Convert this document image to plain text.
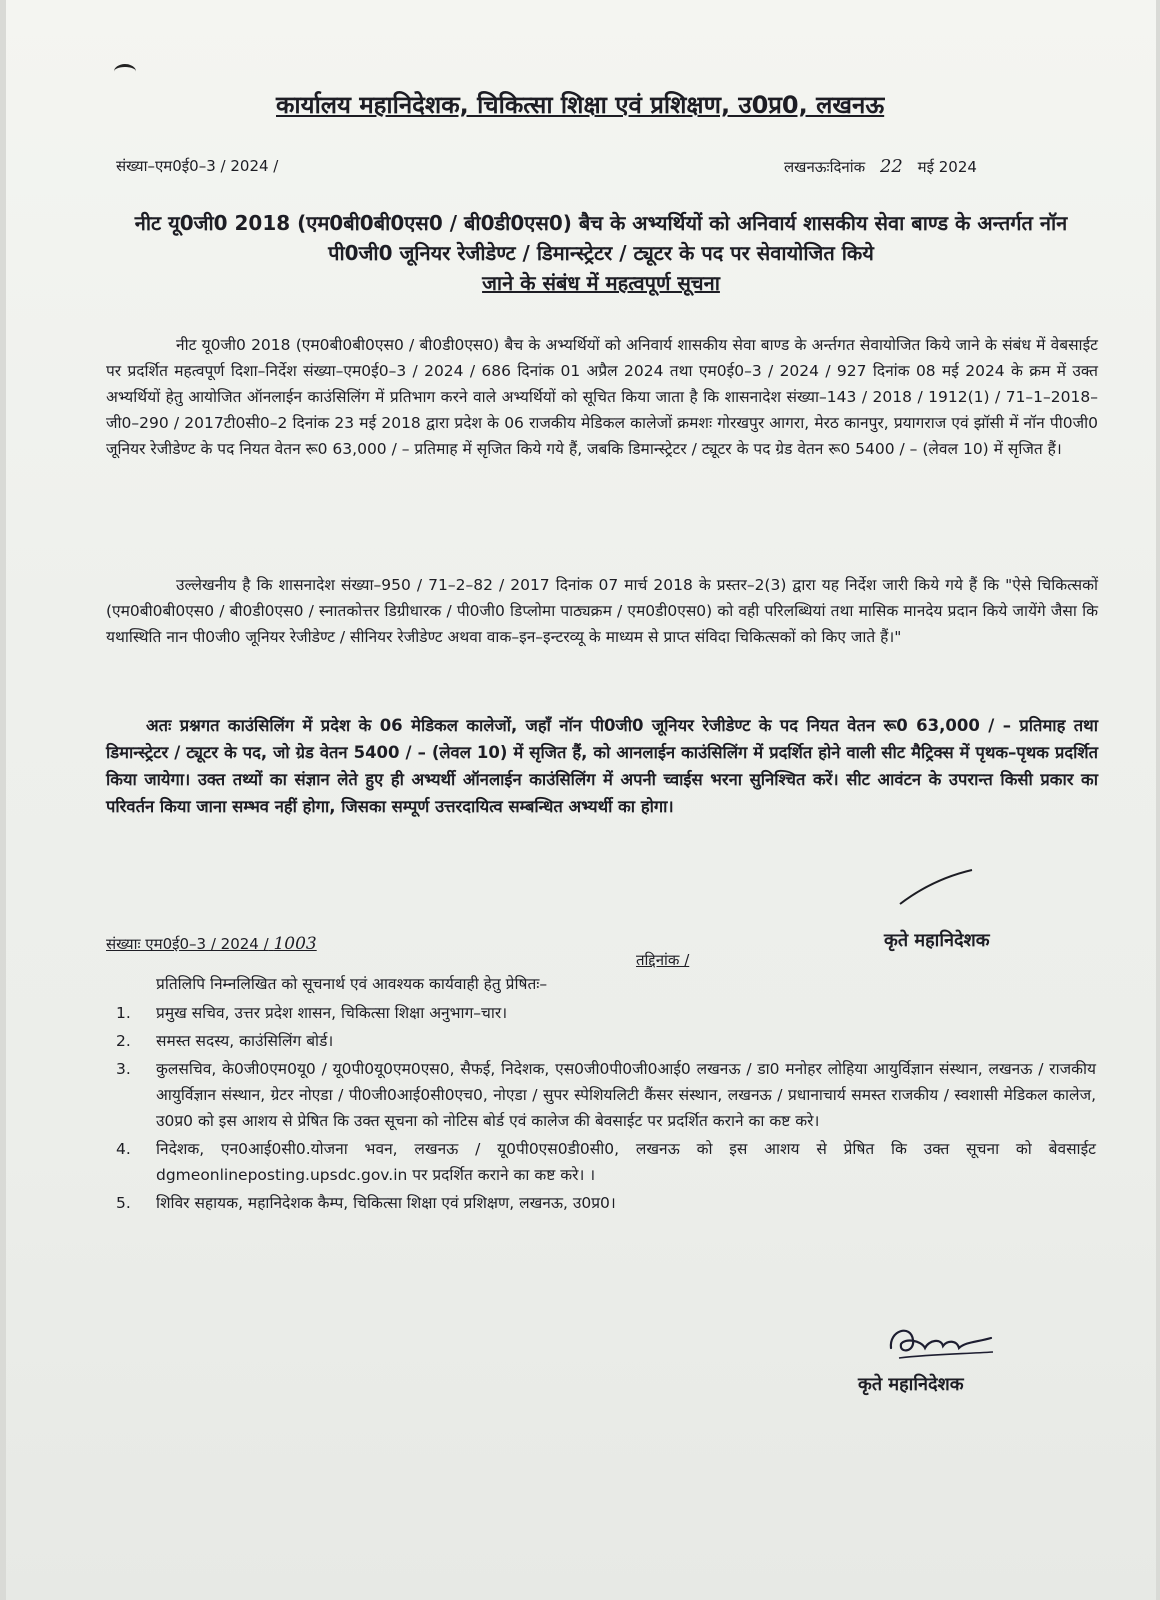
कार्यालय महानिदेशक, चिकित्सा शिक्षा एवं प्रशिक्षण, उ0प्र0, लखनऊ
संख्या–एम0ई0–3 / 2024 /	लखनऊःदिनांक 22 मई 2024
नीट यू0जी0 2018 (एम0बी0बी0एस0 / बी0डी0एस0) बैच के अभ्यर्थियों को अनिवार्य शासकीय सेवा बाण्ड के अन्तर्गत नॉन पी0जी0 जूनियर रेजीडेण्ट / डिमान्स्ट्रेटर / ट्यूटर के पद पर सेवायोजित किये
जाने के संबंध में महत्वपूर्ण सूचना
नीट यू0जी0 2018 (एम0बी0बी0एस0 / बी0डी0एस0) बैच के अभ्यर्थियों को अनिवार्य शासकीय सेवा बाण्ड के अर्न्तगत सेवायोजित किये जाने के संबंध में वेबसाईट पर प्रदर्शित महत्वपूर्ण दिशा–निर्देश संख्या–एम0ई0–3 / 2024 / 686 दिनांक 01 अप्रैल 2024 तथा एम0ई0–3 / 2024 / 927 दिनांक 08 मई 2024 के क्रम में उक्त अभ्यर्थियों हेतु आयोजित ऑनलाईन काउंसिलिंग में प्रतिभाग करने वाले अभ्यर्थियों को सूचित किया जाता है कि शासनादेश संख्या–143 / 2018 / 1912(1) / 71–1–2018–जी0–290 / 2017टी0सी0–2 दिनांक 23 मई 2018 द्वारा प्रदेश के 06 राजकीय मेडिकल कालेजों क्रमशः गोरखपुर आगरा, मेरठ कानपुर, प्रयागराज एवं झॉसी में नॉन पी0जी0 जूनियर रेजीडेण्ट के पद नियत वेतन रू0 63,000 / – प्रतिमाह में सृजित किये गये हैं, जबकि डिमान्स्ट्रेटर / ट्यूटर के पद ग्रेड वेतन रू0 5400 / – (लेवल 10) में सृजित हैं।
उल्लेखनीय है कि शासनादेश संख्या–950 / 71–2–82 / 2017 दिनांक 07 मार्च 2018 के प्रस्तर–2(3) द्वारा यह निर्देश जारी किये गये हैं कि "ऐसे चिकित्सकों (एम0बी0बी0एस0 / बी0डी0एस0 / स्नातकोत्तर डिग्रीधारक / पी0जी0 डिप्लोमा पाठ्यक्रम / एम0डी0एस0) को वही परिलब्धियां तथा मासिक मानदेय प्रदान किये जायेंगे जैसा कि यथास्थिति नान पी0जी0 जूनियर रेजीडेण्ट / सीनियर रेजीडेण्ट अथवा वाक–इन–इन्टरव्यू के माध्यम से प्राप्त संविदा चिकित्सकों को किए जाते हैं।"
अतः प्रश्नगत काउंसिलिंग में प्रदेश के 06 मेडिकल कालेजों, जहाँ नॉन पी0जी0 जूनियर रेजीडेण्ट के पद नियत वेतन रू0 63,000 / – प्रतिमाह तथा डिमान्स्ट्रेटर / ट्यूटर के पद, जो ग्रेड वेतन 5400 / – (लेवल 10) में सृजित हैं, को आनलाईन काउंसिलिंग में प्रदर्शित होने वाली सीट मैट्रिक्स में पृथक–पृथक प्रदर्शित किया जायेगा। उक्त तथ्यों का संज्ञान लेते हुए ही अभ्यर्थी ऑनलाईन काउंसिलिंग में अपनी च्वाईस भरना सुनिश्चित करें। सीट आवंटन के उपरान्त किसी प्रकार का परिवर्तन किया जाना सम्भव नहीं होगा, जिसका सम्पूर्ण उत्तरदायित्व सम्बन्धित अभ्यर्थी का होगा।
कृते महानिदेशक
संख्याः एम0ई0–3 / 2024 / 1003
तद्दिनांक /
प्रतिलिपि निम्नलिखित को सूचनार्थ एवं आवश्यक कार्यवाही हेतु प्रेषितः–
1.	प्रमुख सचिव, उत्तर प्रदेश शासन, चिकित्सा शिक्षा अनुभाग–चार।
2.	समस्त सदस्य, काउंसिलिंग बोर्ड।
3.	कुलसचिव, के0जी0एम0यू0 / यू0पी0यू0एम0एस0, सैफई, निदेशक, एस0जी0पी0जी0आई0 लखनऊ / डा0 मनोहर लोहिया आयुर्विज्ञान संस्थान, लखनऊ / राजकीय आयुर्विज्ञान संस्थान, ग्रेटर नोएडा / पी0जी0आई0सी0एच0, नोएडा / सुपर स्पेशियलिटी कैंसर संस्थान, लखनऊ / प्रधानाचार्य समस्त राजकीय / स्वशासी मेडिकल कालेज, उ0प्र0 को इस आशय से प्रेषित कि उक्त सूचना को नोटिस बोर्ड एवं कालेज की बेवसाईट पर प्रदर्शित कराने का कष्ट करे।
4.	निदेशक, एन0आई0सी0.योजना भवन, लखनऊ / यू0पी0एस0डी0सी0, लखनऊ को इस आशय से प्रेषित कि उक्त सूचना को बेवसाईट dgmeonlineposting.upsdc.gov.in पर प्रदर्शित कराने का कष्ट करे। ।
5.	शिविर सहायक, महानिदेशक कैम्प, चिकित्सा शिक्षा एवं प्रशिक्षण, लखनऊ, उ0प्र0।
कृते महानिदेशक
